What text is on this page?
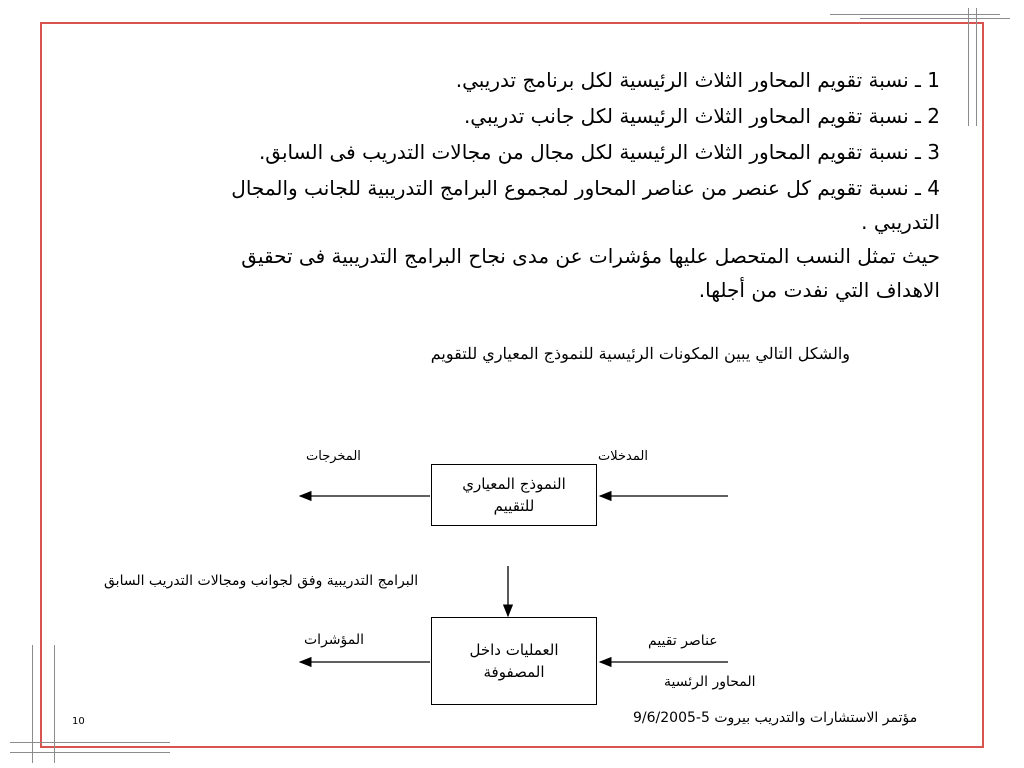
1 ـ نسبة تقويم المحاور الثلاث الرئيسية لكل برنامج تدريبي.
2 ـ نسبة تقويم المحاور الثلاث الرئيسية لكل جانب تدريبي.
3 ـ نسبة تقويم المحاور الثلاث الرئيسية لكل مجال من مجالات التدريب فى السابق.
4 ـ نسبة تقويم كل عنصر من عناصر المحاور لمجموع البرامج التدريبية للجانب والمجال
التدريبي .
حيث تمثل النسب المتحصل عليها مؤشرات عن مدى نجاح البرامج التدريبية فى تحقيق
الاهداف التي نفدت من أجلها.
والشكل التالي يبين المكونات الرئيسية للنموذج المعياري للتقويم
المدخلات
المخرجات
النموذج المعياري للتقييم
البرامج التدريبية وفق لجوانب ومجالات التدريب السابق
المؤشرات
العمليات داخل المصفوفة
عناصر تقييم
المحاور الرئسية
مؤتمر الاستشارات والتدريب بيروت 5-9/6/2005
10
